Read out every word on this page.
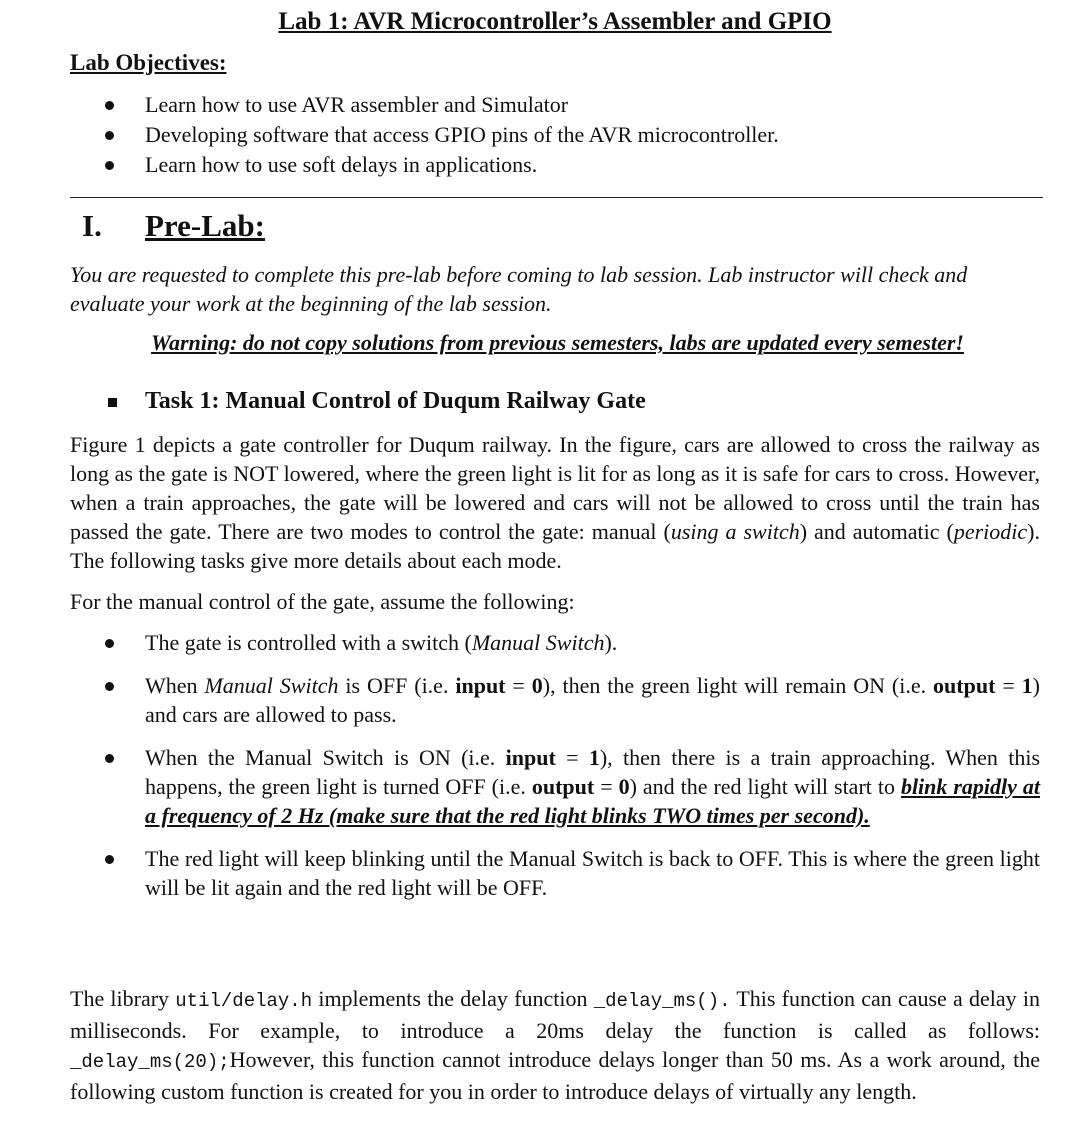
Lab 1: AVR Microcontroller’s Assembler and GPIO
Lab Objectives:
Learn how to use AVR assembler and Simulator
Developing software that access GPIO pins of the AVR microcontroller.
Learn how to use soft delays in applications.
I. Pre-Lab:
You are requested to complete this pre-lab before coming to lab session. Lab instructor will check and evaluate your work at the beginning of the lab session.
Warning: do not copy solutions from previous semesters, labs are updated every semester!
Task 1: Manual Control of Duqum Railway Gate
Figure 1 depicts a gate controller for Duqum railway. In the figure, cars are allowed to cross the railway as long as the gate is NOT lowered, where the green light is lit for as long as it is safe for cars to cross. However, when a train approaches, the gate will be lowered and cars will not be allowed to cross until the train has passed the gate. There are two modes to control the gate: manual (using a switch) and automatic (periodic). The following tasks give more details about each mode.
For the manual control of the gate, assume the following:
The gate is controlled with a switch (Manual Switch).
When Manual Switch is OFF (i.e. input = 0), then the green light will remain ON (i.e. output = 1) and cars are allowed to pass.
When the Manual Switch is ON (i.e. input = 1), then there is a train approaching. When this happens, the green light is turned OFF (i.e. output = 0) and the red light will start to blink rapidly at a frequency of 2 Hz (make sure that the red light blinks TWO times per second).
The red light will keep blinking until the Manual Switch is back to OFF. This is where the green light will be lit again and the red light will be OFF.
The library util/delay.h implements the delay function _delay_ms(). This function can cause a delay in milliseconds. For example, to introduce a 20ms delay the function is called as follows: _delay_ms(20);However, this function cannot introduce delays longer than 50 ms. As a work around, the following custom function is created for you in order to introduce delays of virtually any length.
